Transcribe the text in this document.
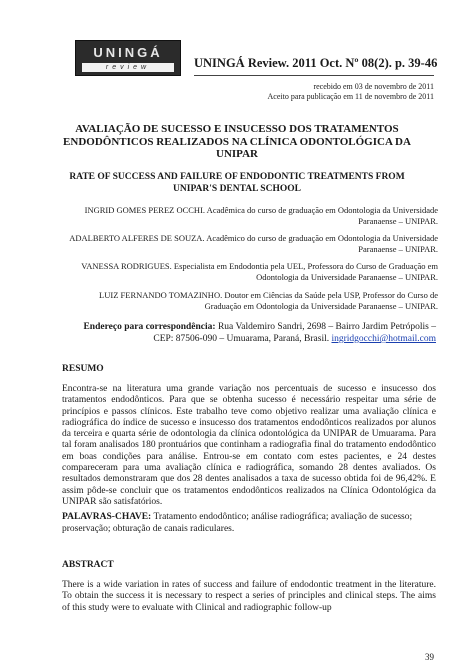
UNINGÁ
review	UNINGÁ Review. 2011 Oct. Nº 08(2). p. 39-46
recebido em 03 de novembro de 2011
Aceito para publicação em 11 de novembro de 2011
AVALIAÇÃO DE SUCESSO E INSUCESSO DOS TRATAMENTOS ENDODÔNTICOS REALIZADOS NA CLÍNICA ODONTOLÓGICA DA UNIPAR
RATE OF SUCCESS AND FAILURE OF ENDODONTIC TREATMENTS FROM UNIPAR'S DENTAL SCHOOL
INGRID GOMES PEREZ OCCHI. Acadêmica do curso de graduação em Odontologia da Universidade Paranaense – UNIPAR.
ADALBERTO ALFERES DE SOUZA. Acadêmico do curso de graduação em Odontologia da Universidade Paranaense – UNIPAR.
VANESSA RODRIGUES. Especialista em Endodontia pela UEL, Professora do Curso de Graduação em Odontologia da Universidade Paranaense – UNIPAR.
LUIZ FERNANDO TOMAZINHO. Doutor em Ciências da Saúde pela USP, Professor do Curso de Graduação em Odontologia da Universidade Paranaense – UNIPAR.
Endereço para correspondência: Rua Valdemiro Sandri, 2698 – Bairro Jardim Petrópolis – CEP: 87506-090 – Umuarama, Paraná, Brasil. ingridgocchi@hotmail.com
RESUMO
Encontra-se na literatura uma grande variação nos percentuais de sucesso e insucesso dos tratamentos endodônticos. Para que se obtenha sucesso é necessário respeitar uma série de princípios e passos clínicos. Este trabalho teve como objetivo realizar uma avaliação clínica e radiográfica do índice de sucesso e insucesso dos tratamentos endodônticos realizados por alunos da terceira e quarta série de odontologia da clínica odontológica da UNIPAR de Umuarama. Para tal foram analisados 180 prontuários que continham a radiografia final do tratamento endodôntico em boas condições para análise. Entrou-se em contato com estes pacientes, e 24 destes compareceram para uma avaliação clínica e radiográfica, somando 28 dentes avaliados. Os resultados demonstraram que dos 28 dentes analisados a taxa de sucesso obtida foi de 96,42%. E assim pôde-se concluir que os tratamentos endodônticos realizados na Clínica Odontológica da UNIPAR são satisfatórios.
PALAVRAS-CHAVE: Tratamento endodôntico; análise radiográfica; avaliação de sucesso; proservação; obturação de canais radiculares.
ABSTRACT
There is a wide variation in rates of success and failure of endodontic treatment in the literature. To obtain the success it is necessary to respect a series of principles and clinical steps. The aims of this study were to evaluate with Clinical and radiographic follow-up
39
